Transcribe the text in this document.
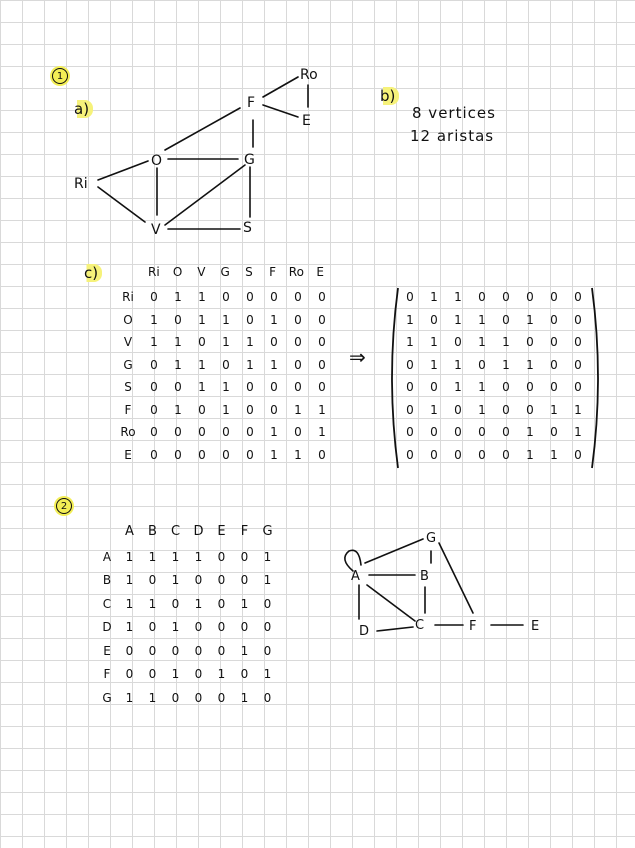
1
a)
Ri
O	G
F
Ro
E
V	S
b)
8 vertices
12 aristas
c)	Ri	O	V	G	S	F	Ro	E
Ri	0	1	1	0	0	0	0	0
O	1	0	1	1	0	1	0	0
V	1	1	0	1	1	0	0	0
G	0	1	1	0	1	1	0	0
S	0	0	1	1	0	0	0	0
F	0	1	0	1	0	0	1	1
Ro	0	0	0	0	0	1	0	1
E	0	0	0	0	0	1	1	0
⇒
0	1	1	0	0	0	0	0
1	0	1	1	0	1	0	0
1	1	0	1	1	0	0	0
0	1	1	0	1	1	0	0
0	0	1	1	0	0	0	0
0	1	0	1	0	0	1	1
0	0	0	0	0	1	0	1
0	0	0	0	0	1	1	0
2
A	B	C	D	E	F	G
A	1	1	1	1	0	0	1
B	1	0	1	0	0	0	1
C	1	1	0	1	0	1	0
D	1	0	1	0	0	0	0
E	0	0	0	0	0	1	0
F	0	0	1	0	1	0	1
G	1	1	0	0	0	1	0
G
A	B
D	C	F	E
